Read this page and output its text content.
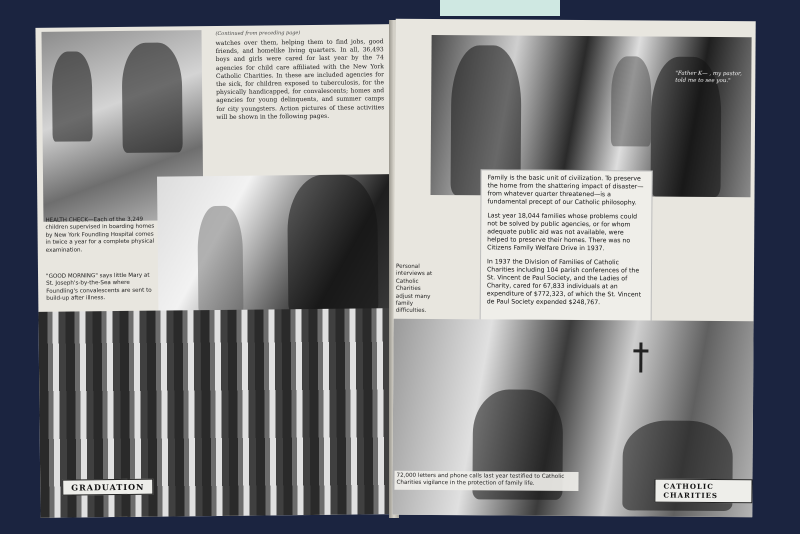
(Continued from preceding page)
watches over them, helping them to find jobs, good friends, and homelike living quarters. In all, 36,493 boys and girls were cared for last year by the 74 agencies for child care affiliated with the New York Catholic Charities. In these are included agencies for the sick, for children exposed to tuberculosis, for the physically handicapped, for convalescents; homes and agencies for young delinquents, and summer camps for city youngsters. Action pictures of these activities will be shown in the following pages.
HEALTH CHECK—Each of the 3,249 children supervised in boarding homes by New York Foundling Hospital comes in twice a year for a complete physical examination.
"GOOD MORNING" says little Mary at St. Joseph's-by-the-Sea where Foundling's convalescents are sent to build-up after illness.
GRADUATION
"Father K— , my pastor, told me to see you."

Family is the basic unit of civilization. To preserve the home from the shattering impact of disaster—from whatever quarter threatened—is a fundamental precept of our Catholic philosophy.

Last year 18,044 families whose problems could not be solved by public agencies, or for whom adequate public aid was not available, were helped to preserve their homes. There was no Citizens Family Welfare Drive in 1937.

In 1937 the Division of Families of Catholic Charities including 104 parish conferences of the St. Vincent de Paul Society, and the Ladies of Charity, cared for 67,833 individuals at an expenditure of $772,323, of which the St. Vincent de Paul Society expended $248,767.

Personal interviews at Catholic Charities adjust many family difficulties.
72,000 letters and phone calls last year testified to Catholic Charities vigilance in the protection of family life.	CATHOLIC CHARITIES
